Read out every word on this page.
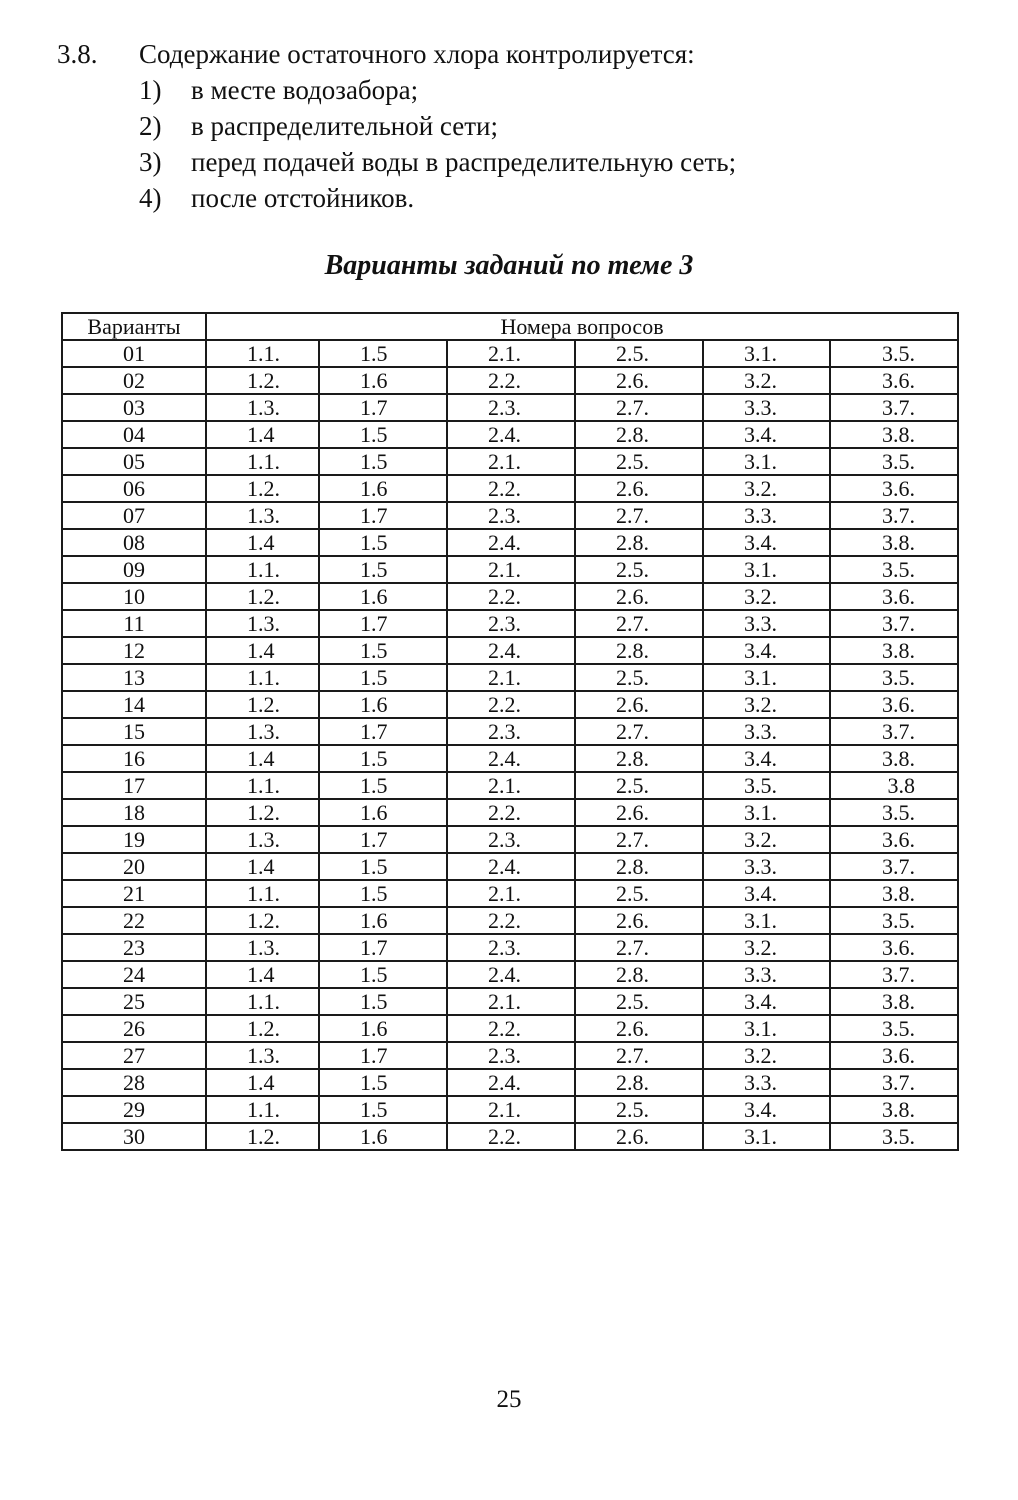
3.8.	Содержание остаточного хлора контролируется:
1)	в месте водозабора;
2)	в распределительной сети;
3)	перед подачей воды в распределительную сеть;
4)	после отстойников.
Варианты заданий по теме 3
Варианты	Номера вопросов					
01	1.1.	1.5	2.1.	2.5.	3.1.	3.5.
02	1.2.	1.6	2.2.	2.6.	3.2.	3.6.
03	1.3.	1.7	2.3.	2.7.	3.3.	3.7.
04	1.4	1.5	2.4.	2.8.	3.4.	3.8.
05	1.1.	1.5	2.1.	2.5.	3.1.	3.5.
06	1.2.	1.6	2.2.	2.6.	3.2.	3.6.
07	1.3.	1.7	2.3.	2.7.	3.3.	3.7.
08	1.4	1.5	2.4.	2.8.	3.4.	3.8.
09	1.1.	1.5	2.1.	2.5.	3.1.	3.5.
10	1.2.	1.6	2.2.	2.6.	3.2.	3.6.
11	1.3.	1.7	2.3.	2.7.	3.3.	3.7.
12	1.4	1.5	2.4.	2.8.	3.4.	3.8.
13	1.1.	1.5	2.1.	2.5.	3.1.	3.5.
14	1.2.	1.6	2.2.	2.6.	3.2.	3.6.
15	1.3.	1.7	2.3.	2.7.	3.3.	3.7.
16	1.4	1.5	2.4.	2.8.	3.4.	3.8.
17	1.1.	1.5	2.1.	2.5.	3.5.	3.8
18	1.2.	1.6	2.2.	2.6.	3.1.	3.5.
19	1.3.	1.7	2.3.	2.7.	3.2.	3.6.
20	1.4	1.5	2.4.	2.8.	3.3.	3.7.
21	1.1.	1.5	2.1.	2.5.	3.4.	3.8.
22	1.2.	1.6	2.2.	2.6.	3.1.	3.5.
23	1.3.	1.7	2.3.	2.7.	3.2.	3.6.
24	1.4	1.5	2.4.	2.8.	3.3.	3.7.
25	1.1.	1.5	2.1.	2.5.	3.4.	3.8.
26	1.2.	1.6	2.2.	2.6.	3.1.	3.5.
27	1.3.	1.7	2.3.	2.7.	3.2.	3.6.
28	1.4	1.5	2.4.	2.8.	3.3.	3.7.
29	1.1.	1.5	2.1.	2.5.	3.4.	3.8.
30	1.2.	1.6	2.2.	2.6.	3.1.	3.5.
25
